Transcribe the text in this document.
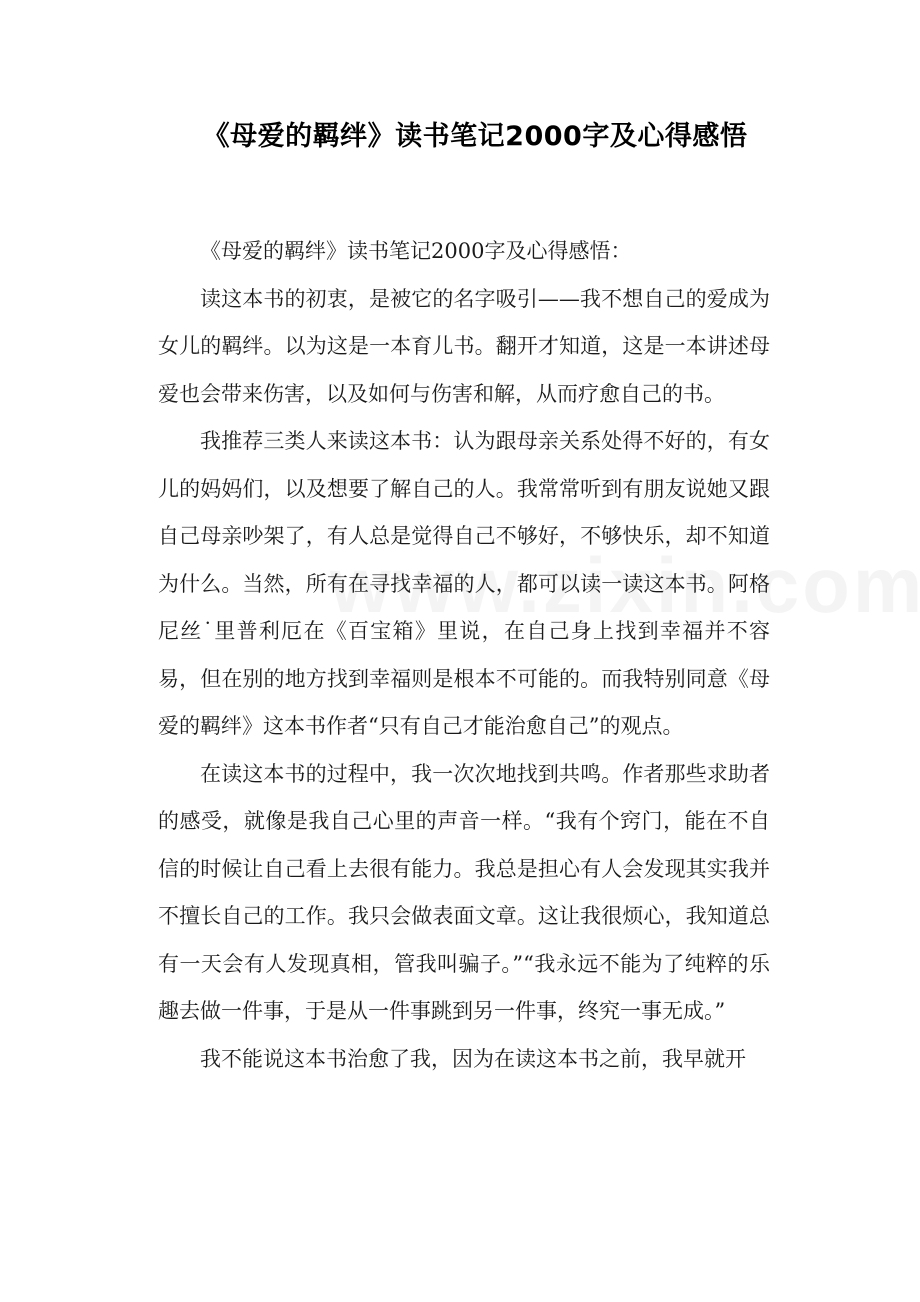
《母爱的羁绊》读书笔记2000字及心得感悟

《母爱的羁绊》读书笔记2000字及心得感悟：

读这本书的初衷，是被它的名字吸引——我不想自己的爱成为女儿的羁绊。以为这是一本育儿书。翻开才知道，这是一本讲述母爱也会带来伤害，以及如何与伤害和解，从而疗愈自己的书。

我推荐三类人来读这本书：认为跟母亲关系处得不好的，有女儿的妈妈们，以及想要了解自己的人。我常常听到有朋友说她又跟自己母亲吵架了，有人总是觉得自己不够好，不够快乐，却不知道为什么。当然，所有在寻找幸福的人，都可以读一读这本书。阿格尼丝˙里普利厄在《百宝箱》里说，在自己身上找到幸福并不容易，但在别的地方找到幸福则是根本不可能的。而我特别同意《母爱的羁绊》这本书作者“只有自己才能治愈自己”的观点。

在读这本书的过程中，我一次次地找到共鸣。作者那些求助者的感受，就像是我自己心里的声音一样。“我有个窍门，能在不自信的时候让自己看上去很有能力。我总是担心有人会发现其实我并不擅长自己的工作。我只会做表面文章。这让我很烦心，我知道总有一天会有人发现真相，管我叫骗子。”“我永远不能为了纯粹的乐趣去做一件事，于是从一件事跳到另一件事，终究一事无成。”

我不能说这本书治愈了我，因为在读这本书之前，我早就开
